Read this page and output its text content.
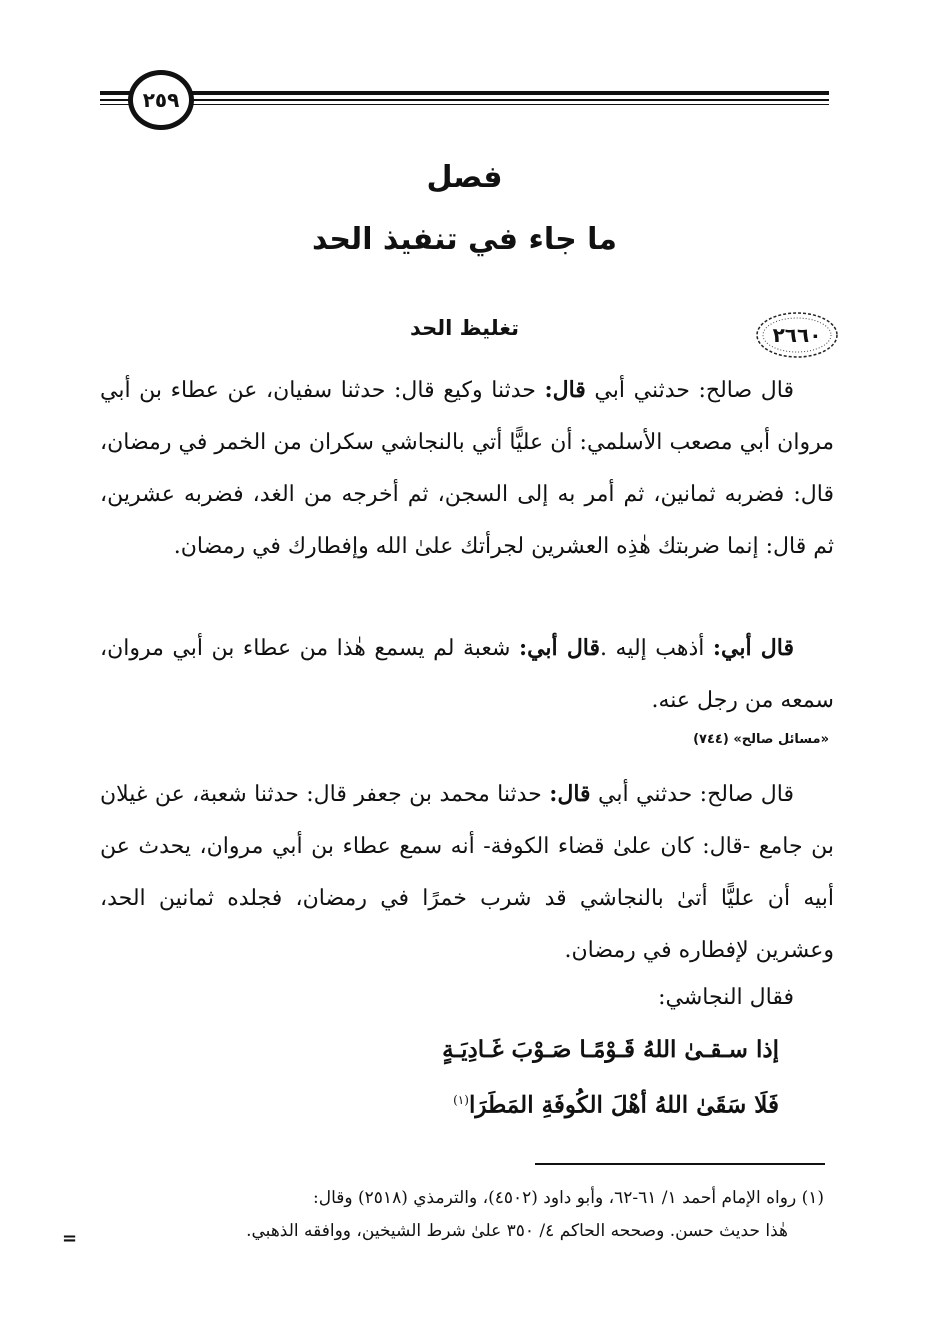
٢٥٩
فصل
ما جاء في تنفيذ الحد
٢٦٦٠
تغليظ الحد
قال صالح: حدثني أبي قال: حدثنا وكيع قال: حدثنا سفيان، عن عطاء بن أبي مروان أبي مصعب الأسلمي: أن عليًّا أتي بالنجاشي سكران من الخمر في رمضان، قال: فضربه ثمانين، ثم أمر به إلى السجن، ثم أخرجه من الغد، فضربه عشرين، ثم قال: إنما ضربتك هٰذِه العشرين لجرأتك علىٰ الله وإفطارك في رمضان.
قال أبي: أذهب إليه .قال أبي: شعبة لم يسمع هٰذا من عطاء بن أبي مروان، سمعه من رجل عنه.
«مسائل صالح» (٧٤٤)
قال صالح: حدثني أبي قال: حدثنا محمد بن جعفر قال: حدثنا شعبة، عن غيلان بن جامع -قال: كان علىٰ قضاء الكوفة- أنه سمع عطاء بن أبي مروان، يحدث عن أبيه أن عليًّا أتىٰ بالنجاشي قد شرب خمرًا في رمضان، فجلده ثمانين الحد، وعشرين لإفطاره في رمضان.
فقال النجاشي:
إذا سـقـىٰ اللهُ قَـوْمًـا صَـوْبَ غَـادِيَـةٍ
فَلَا سَقَىٰ اللهُ أهْلَ الكُوفَةِ المَطَرَا$^{(١)}$
(١) رواه الإمام أحمد ١/ ٦١-٦٢، وأبو داود (٤٥٠٢)، والترمذي (٢٥١٨) وقال:
هٰذا حديث حسن. وصححه الحاكم ٤/ ٣٥٠ علىٰ شرط الشيخين، ووافقه الذهبي.
=
